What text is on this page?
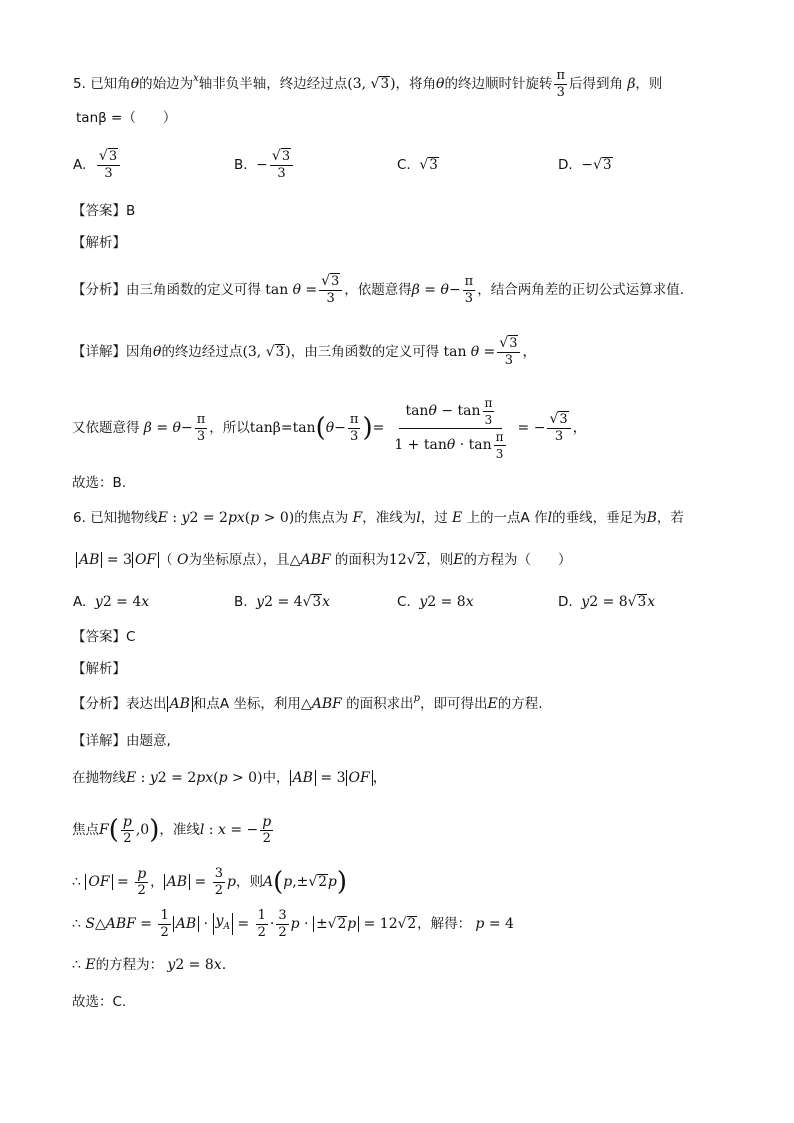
5.
已知角 θ 的始边为 x 轴非负半轴，终边经过点 (3, √ 3 ) ，将角 θ 的终边顺时针旋转 $\frac{\pi}{3}$ 后得到角
β ，则
tanβ =（　　）
A.
$\frac{√ 3}{3}$	B.
− $\frac{√ 3}{3}$	C.
√ 3	D.
− √ 3
【答案】 B
【解析】
【分析】 由三角函数的定义可得
tan
θ
= $\frac{√ 3}{3}$ ，依题意得 $\beta = \theta - \frac{\pi}{3}$ ，结合两角差的正切公式运算求值.
【详解】 因角 θ 的终边经过点 (3, √ 3 ) ，由三角函数的定义可得
tan
θ
= $\frac{√ 3}{3}$ ，
又依题意得
$\beta = \theta - \frac{\pi}{3}$ ，所以 tanβ=tan ( $\theta - \frac{\pi}{3}$ ) = $\frac{\tan \theta - \tan \frac{\pi}{3}}{1 + \tan \theta \cdot \tan \frac{\pi}{3}}$ = − $\frac{√ 3}{3}$ ，
故选：B.
6.
已知抛物线 E : y 2 = 2 px ( p > 0) 的焦点为
F ，准线为 l ，过
E
上的一点A 作 l 的垂线，垂足为 B ，若
AB = 3 OF （
O 为坐标原点），且 △ ABF
的面积为 12 √ 2 ，则 E 的方程为（　　）
A.
y 2 = 4 x	B.
y 2 = 4 √ 3 x	C.
y 2 = 8 x	D.
y 2 = 8 √ 3 x
【答案】 C
【解析】
【分析】 表达出 AB 和点A 坐标，利用 △ ABF
的面积求出 p ，即可得出 E 的方程.
【详解】 由题意,
在抛物线 E : y 2 = 2 px ( p > 0) 中， AB = 3 OF ，
焦点 F ( $\frac{p}{2} ,0$ ) ，准线 l : x = − $\frac{p}{2}$
∴ OF = $\frac{p}{2}$ ， AB = $\frac{3}{2}$ p ，则 A ( p ,± √ 2 p )
∴ S △ABF = $\frac{1}{2}$ AB · $y_A = \frac{1}{2} \cdot \frac{3}{2}$ p · ± √ 2 p = 12 √ 2 ，解得：
p = 4
∴ E 的方程为：
y 2 = 8 x .
故选：C.
